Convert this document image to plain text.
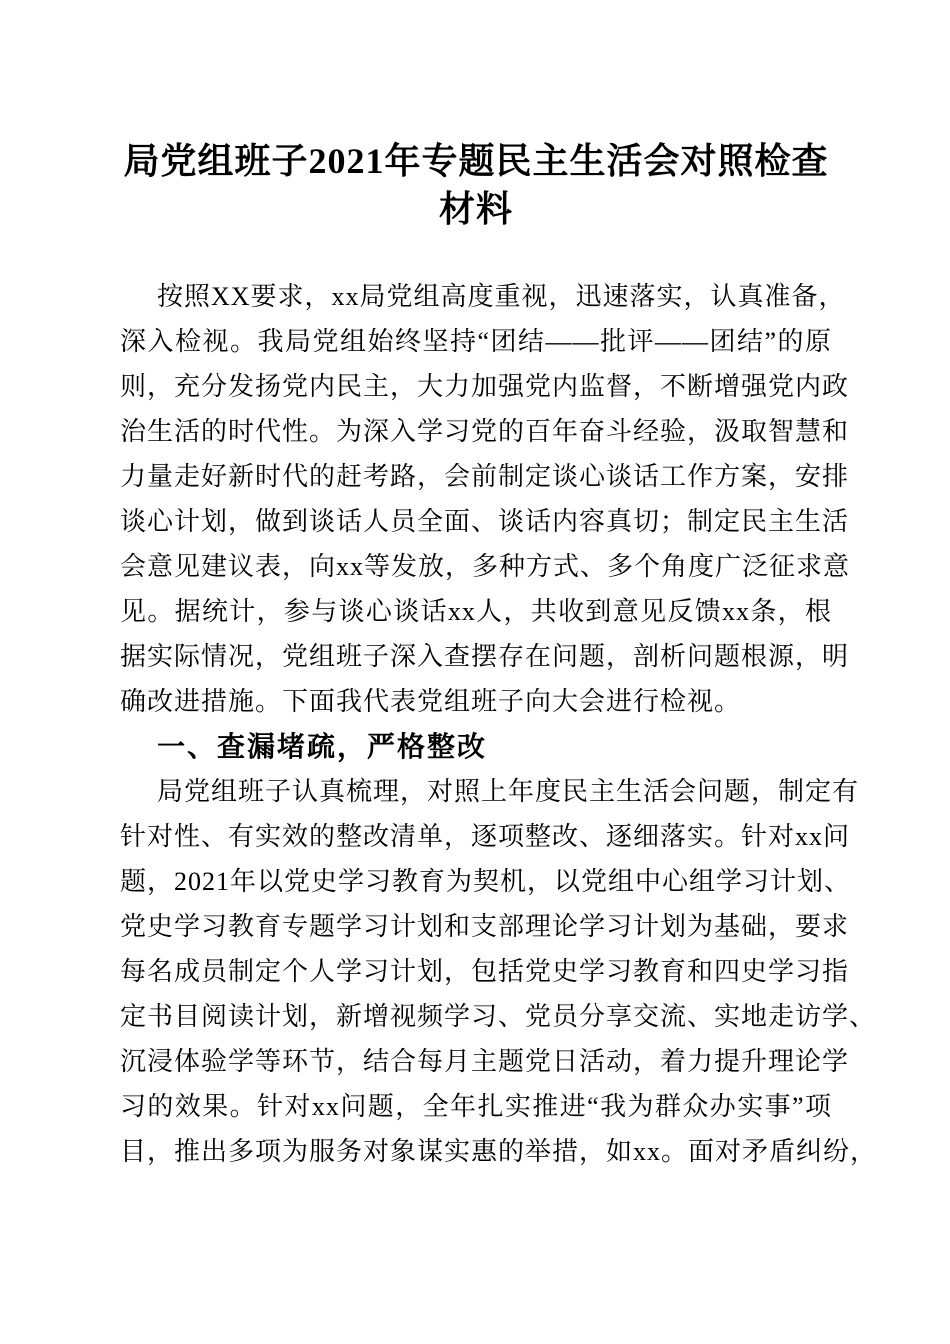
局党组班子2021年专题民主生活会对照检查
材料
按照XX要求，xx局党组高度重视，迅速落实，认真准备，
深入检视。我局党组始终坚持“团结——批评——团结”的原
则，充分发扬党内民主，大力加强党内监督，不断增强党内政
治生活的时代性。为深入学习党的百年奋斗经验，汲取智慧和
力量走好新时代的赶考路，会前制定谈心谈话工作方案，安排
谈心计划，做到谈话人员全面、谈话内容真切；制定民主生活
会意见建议表，向xx等发放，多种方式、多个角度广泛征求意
见。据统计，参与谈心谈话xx人，共收到意见反馈xx条，根
据实际情况，党组班子深入查摆存在问题，剖析问题根源，明
确改进措施。下面我代表党组班子向大会进行检视。
一、查漏堵疏，严格整改
局党组班子认真梳理，对照上年度民主生活会问题，制定有
针对性、有实效的整改清单，逐项整改、逐细落实。针对xx问
题，2021年以党史学习教育为契机，以党组中心组学习计划、
党史学习教育专题学习计划和支部理论学习计划为基础，要求
每名成员制定个人学习计划，包括党史学习教育和四史学习指
定书目阅读计划，新增视频学习、党员分享交流、实地走访学、
沉浸体验学等环节，结合每月主题党日活动，着力提升理论学
习的效果。针对xx问题，全年扎实推进“我为群众办实事”项
目，推出多项为服务对象谋实惠的举措，如xx。面对矛盾纠纷，
